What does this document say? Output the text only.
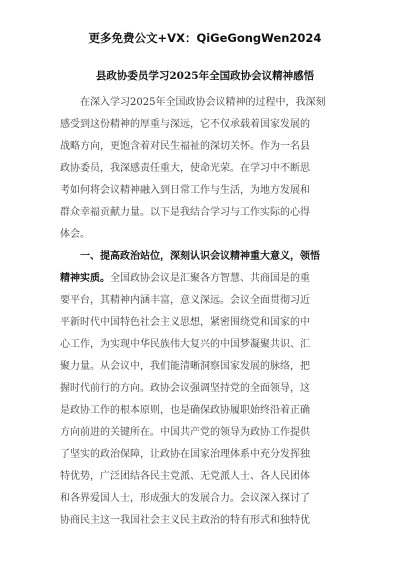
更多免费公文+VX：QiGeGongWen2024
县政协委员学习2025年全国政协会议精神感悟
在深入学习2025年全国政协会议精神的过程中，我深刻
感受到这份精神的厚重与深远，它不仅承载着国家发展的
战略方向，更饱含着对民生福祉的深切关怀。作为一名县
政协委员，我深感责任重大，使命光荣。在学习中不断思
考如何将会议精神融入到日常工作与生活，为地方发展和
群众幸福贡献力量。以下是我结合学习与工作实际的心得
体会。
一、提高政治站位，深刻认识会议精神重大意义，领悟
精神实质。全国政协会议是汇聚各方智慧、共商国是的重
要平台，其精神内涵丰富，意义深远。会议全面贯彻习近
平新时代中国特色社会主义思想，紧密围绕党和国家的中
心工作，为实现中华民族伟大复兴的中国梦凝聚共识、汇
聚力量。从会议中，我们能清晰洞察国家发展的脉络，把
握时代前行的方向。政协会议强调坚持党的全面领导，这
是政协工作的根本原则，也是确保政协履职始终沿着正确
方向前进的关键所在。中国共产党的领导为政协工作提供
了坚实的政治保障，让政协在国家治理体系中充分发挥独
特优势，广泛团结各民主党派、无党派人士、各人民团体
和各界爱国人士，形成强大的发展合力。会议深入探讨了
协商民主这一我国社会主义民主政治的特有形式和独特优
